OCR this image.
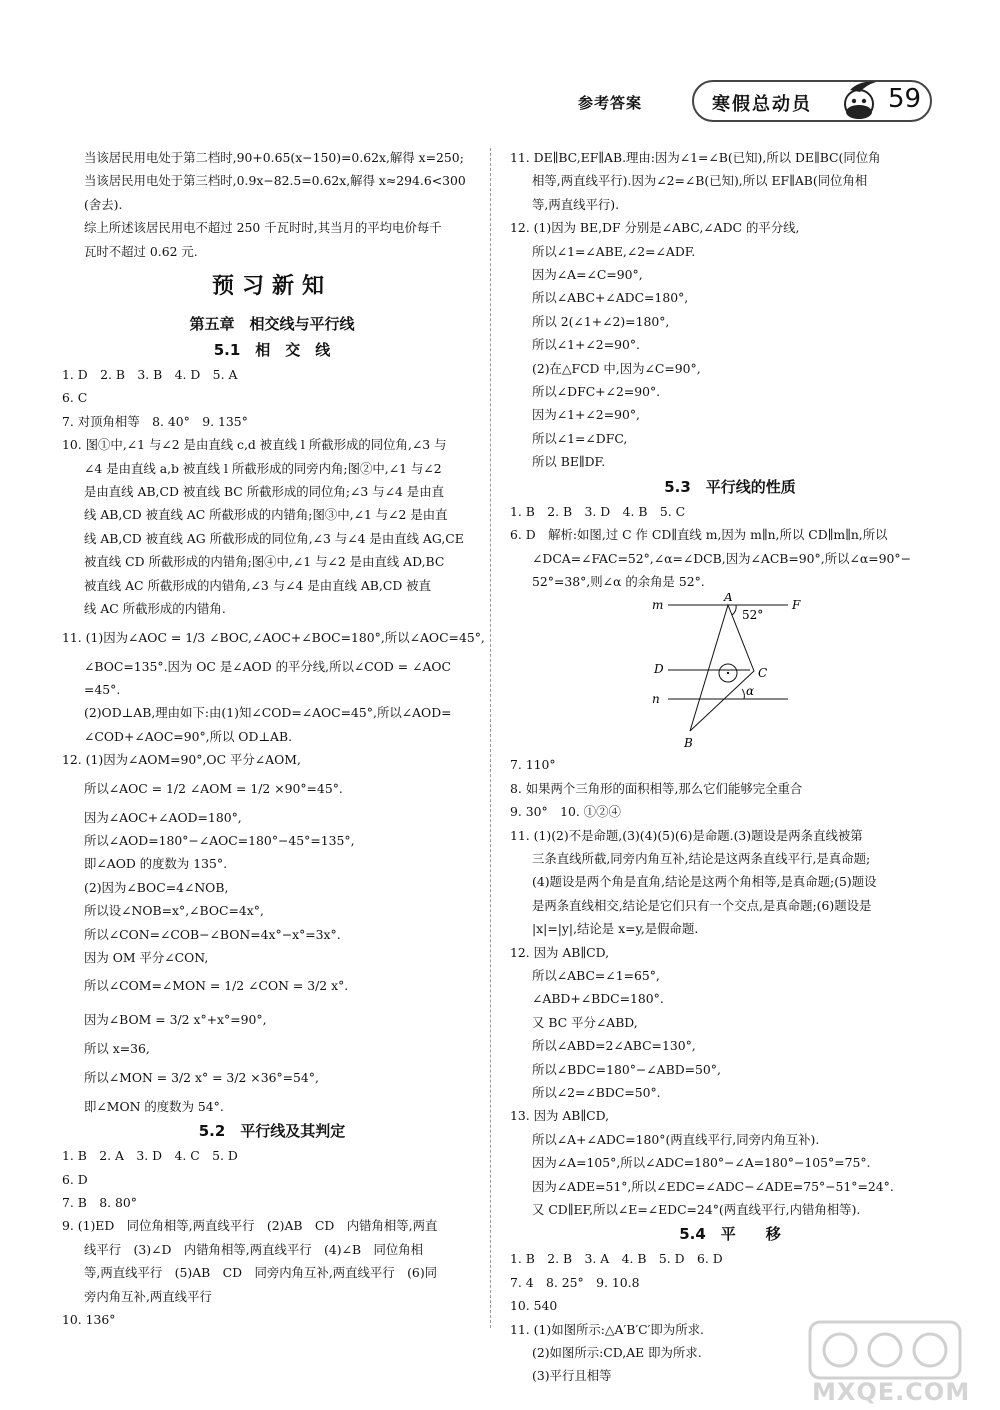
参考答案	寒假总动员	59

当该居民用电处于第二档时,90+0.65(x−150)=0.62x,解得 x=250;

当该居民用电处于第三档时,0.9x−82.5=0.62x,解得 x≈294.6<300

(舍去).

综上所述该居民用电不超过 250 千瓦时时,其当月的平均电价每千

瓦时不超过 0.62 元.

预习新知

第五章　相交线与平行线

5.1　相　交　线

1. D　2. B　3. B　4. D　5. A

6. C

7. 对顶角相等　8. 40°　9. 135°

10. 图①中,∠1 与∠2 是由直线 c,d 被直线 l 所截形成的同位角,∠3 与

∠4 是由直线 a,b 被直线 l 所截形成的同旁内角;图②中,∠1 与∠2

是由直线 AB,CD 被直线 BC 所截形成的同位角;∠3 与∠4 是由直

线 AB,CD 被直线 AC 所截形成的内错角;图③中,∠1 与∠2 是由直

线 AB,CD 被直线 AG 所截形成的同位角,∠3 与∠4 是由直线 AG,CE

被直线 CD 所截形成的内错角;图④中,∠1 与∠2 是由直线 AD,BC

被直线 AC 所截形成的内错角,∠3 与∠4 是由直线 AB,CD 被直

线 AC 所截形成的内错角.

11. (1)因为∠AOC = 1/3 ∠BOC,∠AOC+∠BOC=180°,所以∠AOC=45°,

∠BOC=135°.因为 OC 是∠AOD 的平分线,所以∠COD = ∠AOC

=45°.

(2)OD⊥AB,理由如下:由(1)知∠COD=∠AOC=45°,所以∠AOD=

∠COD+∠AOC=90°,所以 OD⊥AB.

12. (1)因为∠AOM=90°,OC 平分∠AOM,

所以∠AOC = 1/2 ∠AOM = 1/2 ×90°=45°.

因为∠AOC+∠AOD=180°,

所以∠AOD=180°−∠AOC=180°−45°=135°,

即∠AOD 的度数为 135°.

(2)因为∠BOC=4∠NOB,

所以设∠NOB=x°,∠BOC=4x°,

所以∠CON=∠COB−∠BON=4x°−x°=3x°.

因为 OM 平分∠CON,

所以∠COM=∠MON = 1/2 ∠CON = 3/2 x°.

因为∠BOM = 3/2 x°+x°=90°,

所以 x=36,

所以∠MON = 3/2 x° = 3/2 ×36°=54°,

即∠MON 的度数为 54°.

5.2　平行线及其判定

1. B　2. A　3. D　4. C　5. D

6. D

7. B　8. 80°

9. (1)ED　同位角相等,两直线平行　(2)AB　CD　内错角相等,两直

线平行　(3)∠D　内错角相等,两直线平行　(4)∠B　同位角相

等,两直线平行　(5)AB　CD　同旁内角互补,两直线平行　(6)同

旁内角互补,两直线平行

10. 136°

11. DE∥BC,EF∥AB.理由:因为∠1=∠B(已知),所以 DE∥BC(同位角

相等,两直线平行).因为∠2=∠B(已知),所以 EF∥AB(同位角相

等,两直线平行).

12. (1)因为 BE,DF 分别是∠ABC,∠ADC 的平分线,

所以∠1=∠ABE,∠2=∠ADF.

因为∠A=∠C=90°,

所以∠ABC+∠ADC=180°,

所以 2(∠1+∠2)=180°,

所以∠1+∠2=90°.

(2)在△FCD 中,因为∠C=90°,

所以∠DFC+∠2=90°.

因为∠1+∠2=90°,

所以∠1=∠DFC,

所以 BE∥DF.

5.3　平行线的性质

1. B　2. B　3. D　4. B　5. C

6. D　解析:如图,过 C 作 CD∥直线 m,因为 m∥n,所以 CD∥m∥n,所以

∠DCA=∠FAC=52°,∠α=∠DCB,因为∠ACB=90°,所以∠α=90°−

52°=38°,则∠α 的余角是 52°.

m	F
A
52°
D	C
n
α
B

7. 110°

8. 如果两个三角形的面积相等,那么它们能够完全重合

9. 30°　10. ①②④

11. (1)(2)不是命题,(3)(4)(5)(6)是命题.(3)题设是两条直线被第

三条直线所截,同旁内角互补,结论是这两条直线平行,是真命题;

(4)题设是两个角是直角,结论是这两个角相等,是真命题;(5)题设

是两条直线相交,结论是它们只有一个交点,是真命题;(6)题设是

|x|=|y|,结论是 x=y,是假命题.

12. 因为 AB∥CD,

所以∠ABC=∠1=65°,

∠ABD+∠BDC=180°.

又 BC 平分∠ABD,

所以∠ABD=2∠ABC=130°,

所以∠BDC=180°−∠ABD=50°,

所以∠2=∠BDC=50°.

13. 因为 AB∥CD,

所以∠A+∠ADC=180°(两直线平行,同旁内角互补).

因为∠A=105°,所以∠ADC=180°−∠A=180°−105°=75°.

因为∠ADE=51°,所以∠EDC=∠ADC−∠ADE=75°−51°=24°.

又 CD∥EF,所以∠E=∠EDC=24°(两直线平行,内错角相等).

5.4　平　　移

1. B　2. B　3. A　4. B　5. D　6. D

7. 4　8. 25°　9. 10.8

10. 540

11. (1)如图所示:△A′B′C′即为所求.

(2)如图所示:CD,AE 即为所求.

(3)平行且相等

MXQE.COM
